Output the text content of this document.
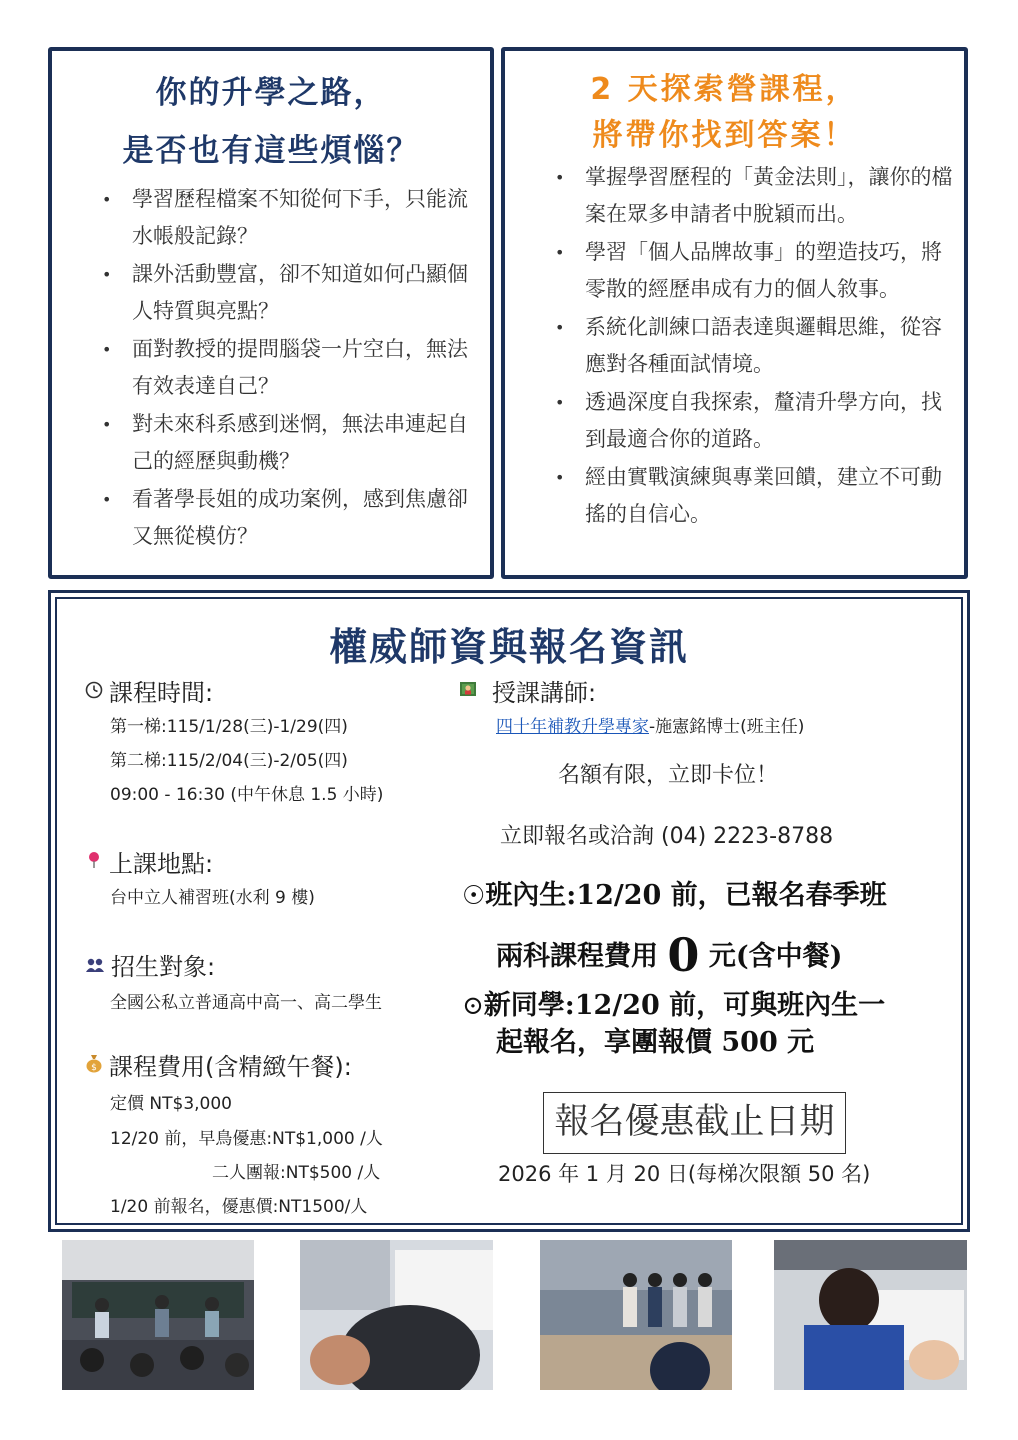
你的升學之路，
是否也有這些煩惱？
• 學習歷程檔案不知從何下手，只能流水帳般記錄？
• 課外活動豐富，卻不知道如何凸顯個人特質與亮點？
• 面對教授的提問腦袋一片空白，無法有效表達自己？
• 對未來科系感到迷惘，無法串連起自己的經歷與動機？
• 看著學長姐的成功案例，感到焦慮卻又無從模仿？
2 天探索營課程，
將帶你找到答案！
• 掌握學習歷程的「黃金法則」，讓你的檔案在眾多申請者中脫穎而出。
• 學習「個人品牌故事」的塑造技巧，將零散的經歷串成有力的個人敘事。
• 系統化訓練口語表達與邏輯思維，從容應對各種面試情境。
• 透過深度自我探索，釐清升學方向，找到最適合你的道路。
• 經由實戰演練與專業回饋，建立不可動搖的自信心。
權威師資與報名資訊
課程時間:
第一梯:115/1/28(三)-1/29(四)
第二梯:115/2/04(三)-2/05(四)
09:00 - 16:30 (中午休息 1.5 小時)
上課地點:
台中立人補習班(水利 9 樓)
招生對象:
全國公私立普通高中高一、高二學生
$ 課程費用(含精緻午餐):
定價 NT$3,000
12/20 前，早鳥優惠:NT$1,000 /人
二人團報:NT$500 /人
1/20 前報名，優惠價:NT1500/人
授課講師:
四十年補教升學專家-施憲銘博士(班主任)
名額有限，立即卡位！
立即報名或洽詢 (04) 2223-8788
☉班內生:12/20 前，已報名春季班
兩科課程費用 0 元(含中餐)
⊙新同學:12/20 前，可與班內生一
起報名，享團報價 500 元
報名優惠截止日期
2026 年 1 月 20 日(每梯次限額 50 名)
